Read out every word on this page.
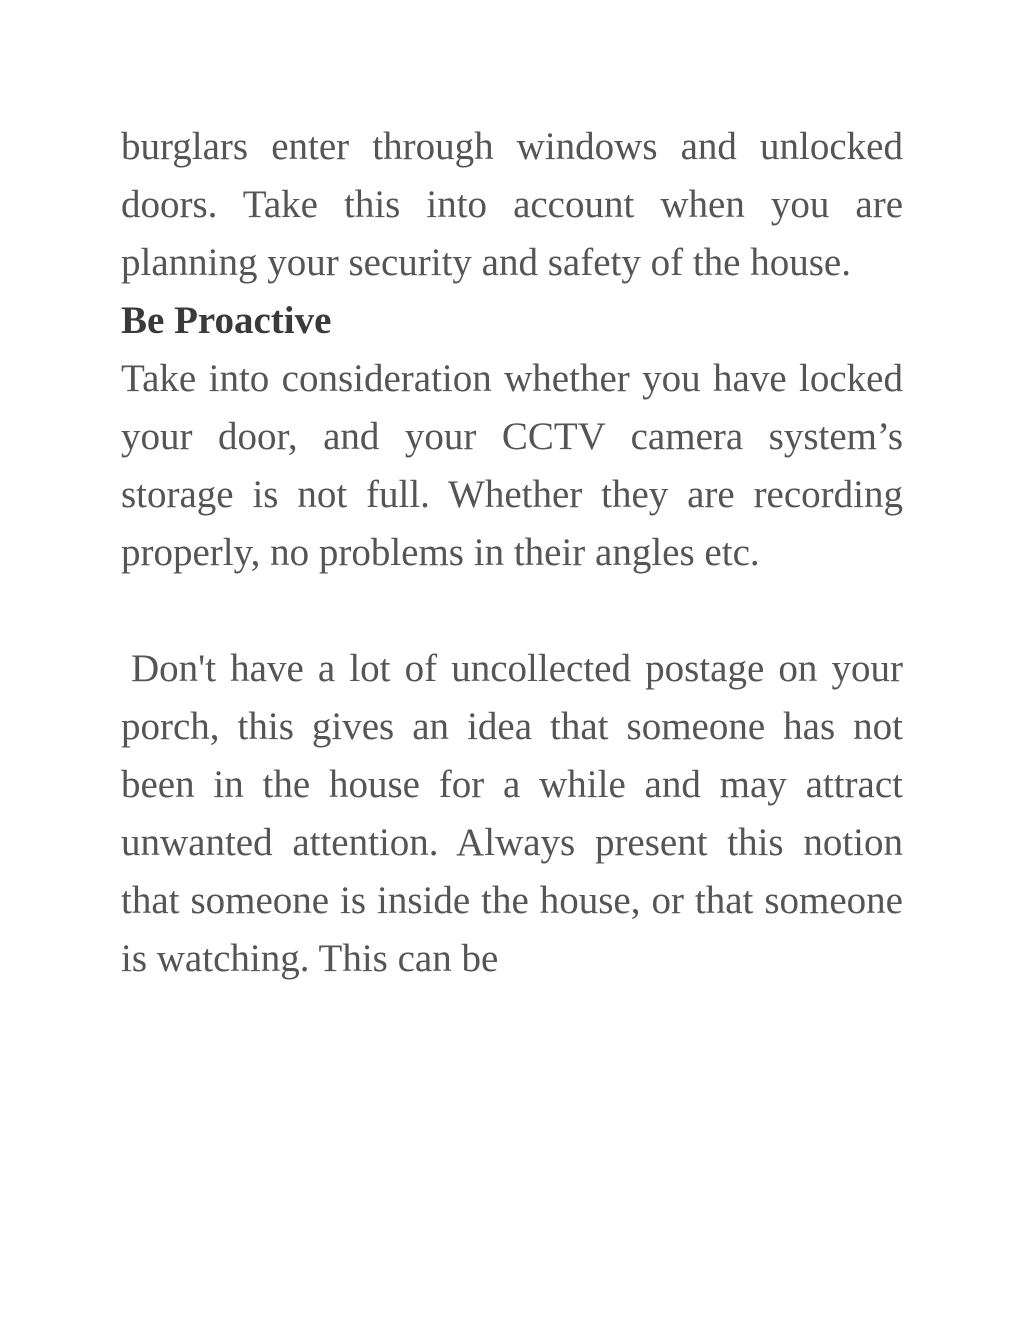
burglars enter through windows and unlocked doors. Take this into account when you are planning your security and safety of the house.

Be Proactive

Take into consideration whether you have locked your door, and your CCTV camera system’s storage is not full. Whether they are recording properly, no problems in their angles etc.

Don't have a lot of uncollected postage on your porch, this gives an idea that someone has not been in the house for a while and may attract unwanted attention. Always present this notion that someone is inside the house, or that someone is watching. This can be
